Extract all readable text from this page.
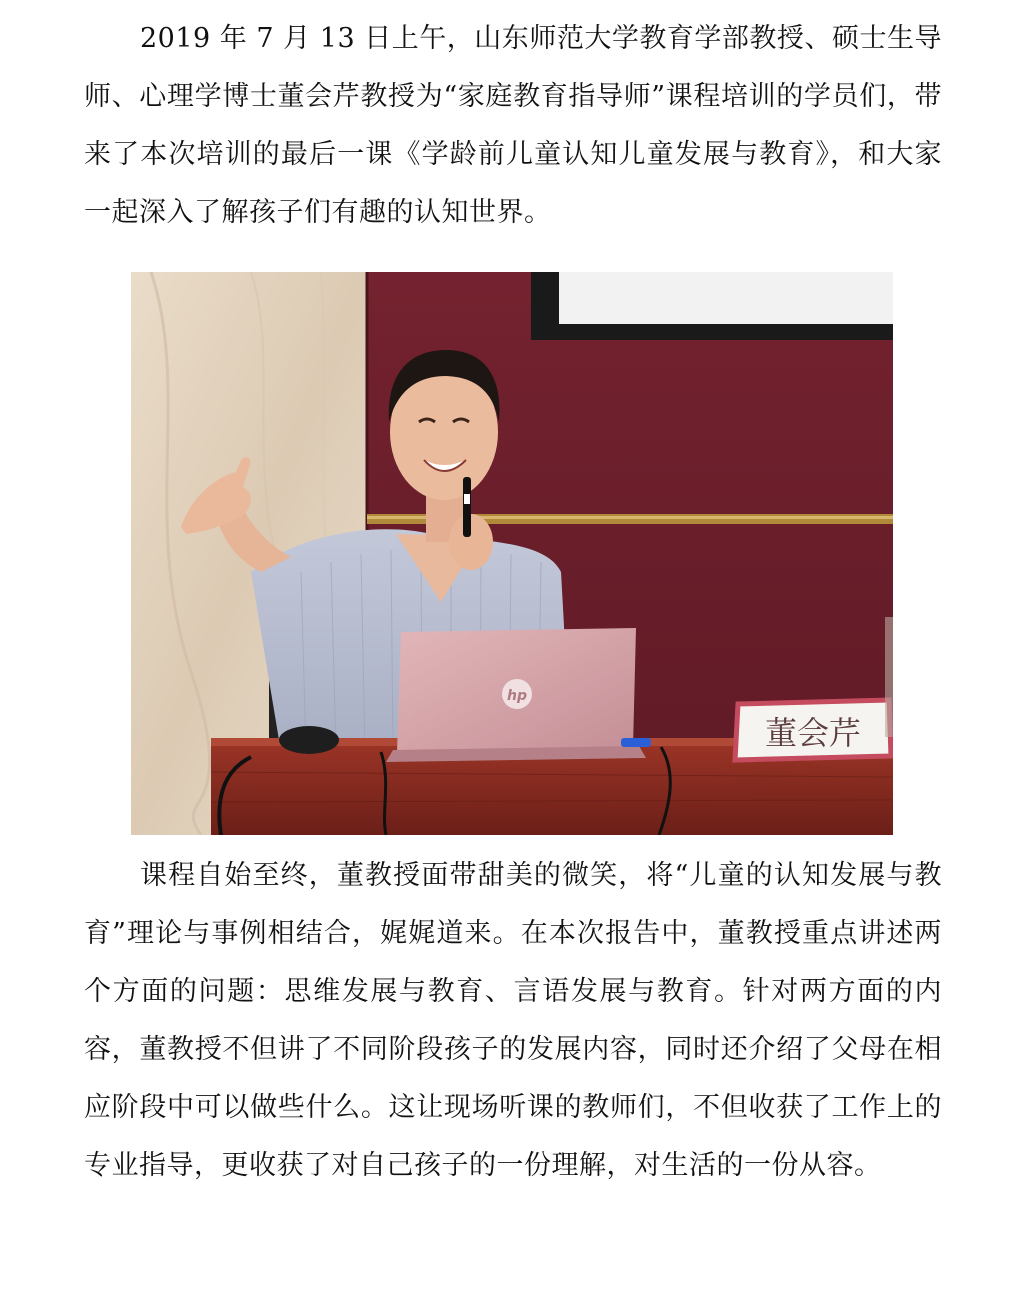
2019 年 7 月 13 日上午，山东师范大学教育学部教授、硕士生导师、心理学博士董会芹教授为“家庭教育指导师”课程培训的学员们，带来了本次培训的最后一课《学龄前儿童认知儿童发展与教育》，和大家一起深入了解孩子们有趣的认知世界。

hp
董会芹

课程自始至终，董教授面带甜美的微笑，将“儿童的认知发展与教育”理论与事例相结合，娓娓道来。在本次报告中，董教授重点讲述两个方面的问题：思维发展与教育、言语发展与教育。针对两方面的内容，董教授不但讲了不同阶段孩子的发展内容，同时还介绍了父母在相应阶段中可以做些什么。这让现场听课的教师们，不但收获了工作上的专业指导，更收获了对自己孩子的一份理解，对生活的一份从容。
